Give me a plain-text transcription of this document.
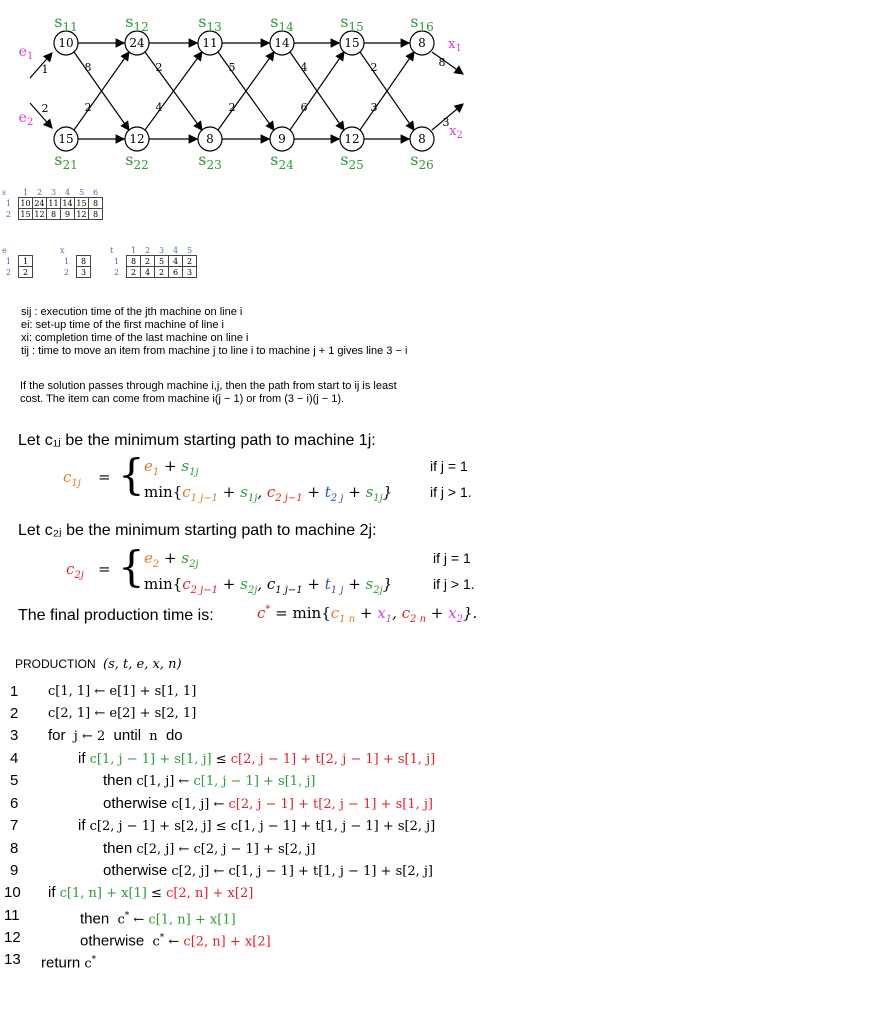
8
2
2
4
5
2
4
6
2
3
10
15
$s_{11}$
$s_{21}$
24
12
$s_{12}$
$s_{22}$
11
8
$s_{13}$
$s_{23}$
14
9
$s_{14}$
$s_{24}$
15
12
$s_{15}$
$s_{25}$
8
8
$s_{16}$
$s_{26}$
$e_1$
$e_2$
1
2
$x_1$
$x_2$
8
3
s	1	2	3	4	5	6
1	10	24	11	14	15	8
2	15	12	8	9	12	8
e	
1	1
2	2
x	
1	8
2	3
t	1	2	3	4	5
1	8	2	5	4	2
2	2	4	2	6	3
sij : execution time of the jth machine on line i
ei: set-up time of the first machine of line i
xi: completion time of the last machine on line i
tij : time to move an item from machine j to line i to machine j + 1 gives line 3 − i
If the solution passes through machine i,j, then the path from start to ij is least
cost. The item can come from machine i(j − 1) or from (3 − i)(j − 1).
Let c₁ⱼ be the minimum starting path to machine 1j:
$c_{1j}$ = { $e_1 + s_{1j}$
$\min\{c_{1 j-1} + s_{1j}$, $c_{2 j-1} + t_{2 j} + s_{1j}$}
if j = 1
if j > 1.
Let c₂ⱼ be the minimum starting path to machine 2j:
$c_{2j}$ = { $e_2 + s_{2j}$
$\min\{c_{2 j-1} + s_{2j}$, $c_{1 j-1} + t_{1 j} + s_{2j}$}
if j = 1
if j > 1.
The final production time is:	$c^* = \min\{c_{1 n} + x_1$, $c_{2 n} + x_2$}.
PRODUCTION (s, t, e, x, n)
1	c[1, 1] ← e[1] + s[1, 1]
2	c[2, 1] ← e[2] + s[2, 1]
3	for  j ← 2  until  n  do
4	if c[1, j − 1] + s[1, j] ≤ c[2, j − 1] + t[2, j − 1] + s[1, j]
5	then c[1, j] ← c[1, j − 1] + s[1, j]
6	otherwise c[1, j] ← c[2, j − 1] + t[2, j − 1] + s[1, j]
7	if c[2, j − 1] + s[2, j] ≤ c[1, j − 1] + t[1, j − 1] + s[2, j]
8	then c[2, j] ← c[2, j − 1] + s[2, j]
9	otherwise c[2, j] ← c[1, j − 1] + t[1, j − 1] + s[2, j]
10 if c[1, n] + x[1] ≤ c[2, n] + x[2]
11	then  c* ← c[1, n] + x[1]
12	otherwise  c* ← c[2, n] + x[2]
13 return c*
